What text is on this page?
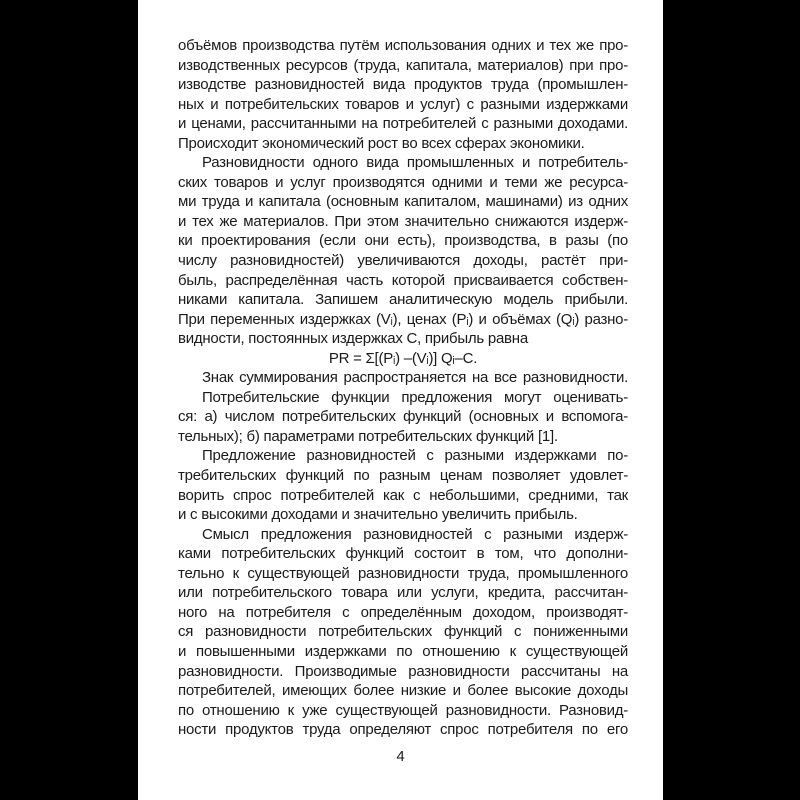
объёмов производства путём использования одних и тех же про-
изводственных ресурсов (труда, капитала, материалов) при про-
изводстве разновидностей вида продуктов труда (промышлен-
ных и потребительских товаров и услуг) с разными издержками
и ценами, рассчитанными на потребителей с разными доходами.
Происходит экономический рост во всех сферах экономики.
Разновидности одного вида промышленных и потребитель-
ских товаров и услуг производятся одними и теми же ресурса-
ми труда и капитала (основным капиталом, машинами) из одних
и тех же материалов. При этом значительно снижаются издерж-
ки проектирования (если они есть), производства, в разы (по
числу разновидностей) увеличиваются доходы, растёт при-
быль, распределённая часть которой присваивается собствен-
никами капитала. Запишем аналитическую модель прибыли.
При переменных издержках (Vᵢ), ценах (Pᵢ) и объёмах (Qᵢ) разно-
видности, постоянных издержках С, прибыль равна
PR = Σ[(Pᵢ) –(Vᵢ)] Qᵢ–C.
Знак суммирования распространяется на все разновидности.
Потребительские функции предложения могут оценивать-
ся: а) числом потребительских функций (основных и вспомога-
тельных); б) параметрами потребительских функций [1].
Предложение разновидностей с разными издержками по-
требительских функций по разным ценам позволяет удовлет-
ворить спрос потребителей как с небольшими, средними, так
и с высокими доходами и значительно увеличить прибыль.
Смысл предложения разновидностей с разными издерж-
ками потребительских функций состоит в том, что дополни-
тельно к существующей разновидности труда, промышленного
или потребительского товара или услуги, кредита, рассчитан-
ного на потребителя с определённым доходом, производят-
ся разновидности потребительских функций с пониженными
и повышенными издержками по отношению к существующей
разновидности. Производимые разновидности рассчитаны на
потребителей, имеющих более низкие и более высокие доходы
по отношению к уже существующей разновидности. Разновид-
ности продуктов труда определяют спрос потребителя по его
4
